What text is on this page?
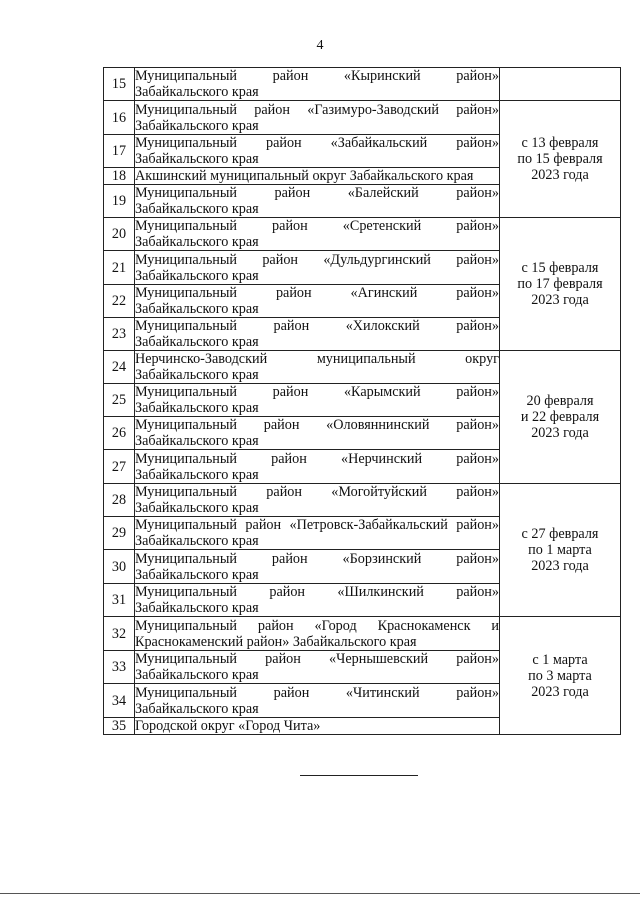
4
15	Муниципальный район «Кыринский район»
Забайкальского края	

16	Муниципальный район «Газимуро-Заводский район»
Забайкальского края	с 13 февраля
по 15 февраля
2023 года
17	Муниципальный район «Забайкальский район»
Забайкальского края	

18	Акшинский муниципальный округ Забайкальского края	

19	Муниципальный район «Балейский район»
Забайкальского края	

20	Муниципальный район «Сретенский район»
Забайкальского края	с 15 февраля
по 17 февраля
2023 года
21	Муниципальный район «Дульдургинский район»
Забайкальского края	

22	Муниципальный район «Агинский район»
Забайкальского края	

23	Муниципальный район «Хилокский район»
Забайкальского края	

24	Нерчинско-Заводский муниципальный округ
Забайкальского края	20 февраля
и 22 февраля
2023 года
25	Муниципальный район «Карымский район»
Забайкальского края	

26	Муниципальный район «Оловяннинский район»
Забайкальского края	

27	Муниципальный район «Нерчинский район»
Забайкальского края	

28	Муниципальный район «Могойтуйский район»
Забайкальского края	с 27 февраля
по 1 марта
2023 года
29	Муниципальный район «Петровск-Забайкальский район»
Забайкальского края	

30	Муниципальный район «Борзинский район»
Забайкальского края	

31	Муниципальный район «Шилкинский район»
Забайкальского края	

32	Муниципальный район «Город Краснокаменск и
Краснокаменский район» Забайкальского края	с 1 марта
по 3 марта
2023 года
33	Муниципальный район «Чернышевский район»
Забайкальского края	

34	Муниципальный район «Читинский район»
Забайкальского края	

35	Городской округ «Город Чита»	
